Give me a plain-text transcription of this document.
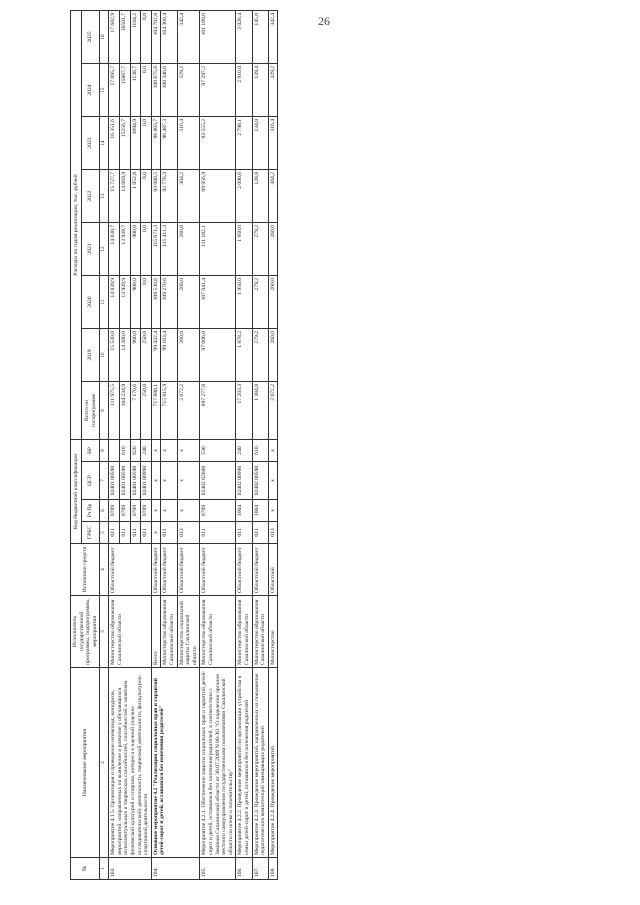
26
№	Наименование мероприятия	Исполнитель государственной программы, подпрограммы, мероприятия	Источники средств	Код бюджетной классификации				Расходы по годам реализации, тыс. рублей							
				ГРБС	Рз Пр	ЦСР	ВР	Всего по госпрограмме	2019	2020	2021	2022	2023	2024	2025
1	2	3	4	5	6	7	8	9	10	11	12	13	14	15	16
103.	Мероприятие 4.1.5. Организация и проведение олимпиад, конкурсов, мероприятий, направленных на выявление и развитие у обучающихся интеллектуальных и творческих способностей, способностей к занятиям физической культурой и спортом, интереса к научной (научно-исследовательской) деятельности, творческой деятельности, физкультурно-спортивной деятельности	Министерство образования Сахалинской области	Областной бюджет	011	0709	02401 00590		111 975,5	15 530,0	14 839,9	14 830,7	15 727,7	16 351,6	17 095,7	17 682,9
				011	0709	02401 00590	610	104 234,9	14 380,0	13 939,9	13 939,7	14 669,9	15256,7	15867,7	16501,7
				011	0709	02401 00590	620	7 170,6	900,0	900,0	900,0	1 052,8	1094,9	1138,7	1184,2
				011	0709	02401 00990	240	250,0	250,0	0,0	0,0	0,0	0,0	0,0	0,0
104.	Основное мероприятие 4.2 "Реализация социальных прав и гарантий детей-сирот и детей, оставшихся без попечения родителей"	Всего	Областной бюджет	х	х	х	х	717 888,1	99 432,4	109 530,6	115 671,3	93 080,5	96 803,7	100 675,8	104 702,8
		Министерство образования Сахалинской области	Областной бюджет	011	х	х	х	715 815,9	99 163,4	109 270,6	115 411,3	92 776,3	96 487,3	100 346,6	104 360,4
		Министерство социальной защиты Сахалинской области	Областной бюджет	013	х	х	х	2 072,2	260,0	260,0	260,0	304,2	316,4	329,2	342,4
105.	Мероприятие 4.2.1. Обеспечение защиты социальных прав и гарантий детей-сирот и детей, оставшихся без попечения родителей, в соответствии с Законом Сахалинской области от 30.07.2009 N 80-ЗО "О наделении органов местного самоуправления государственными полномочиями Сахалинской области по опеке и попечительству"	Министерство образования Сахалинской области	Областной бюджет	011	0709	02402 62600	530	697 277,8	97 006,0	107 041,4	111 182,1	89 956,9	93 555,2	97 297,2	101 189,0
106.	Мероприятие 4.2.2. Проведение мероприятий по организации устройства в семьи детей-сирот и детей, оставшихся без попечения родителей	Министерство образования Сахалинской области	Областной бюджет	011	1004	02402 00990	240	17 203,3	1 878,2	1 950,0	1 950,0	2 090,6	2 798,1	2 910,0	3 026,4
107.	Мероприятие 4.2.3. Проведение мероприятий, направленных на повышение педагогических компетенций замещающих родителей	Министерство образования Сахалинской области	Областной бюджет	011	1004	02402 00590	610	1 384,8	279,2	279,2	279,2	128,8	134,0	139,4	145,0
108.	Мероприятие 4.2.4. Проведение мероприятий	Министерство	Областной	013	х	х	х	2 072,2	260,0	260,0	260,0	304,2	316,4	329,2	342,4
